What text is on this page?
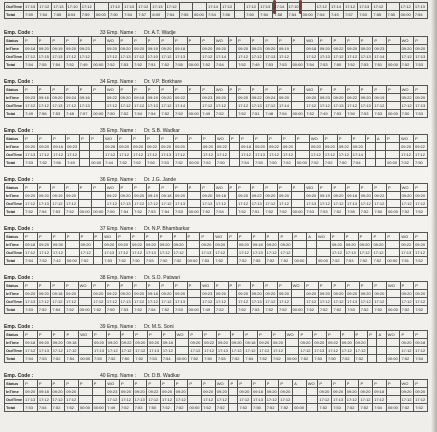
OutTime	17:15	17:12	17:13	17:10	17:12		17:12	17:13	17:12	17:13	17:12			17:14	17:12		17:12	17:13	17:14	17:10		17:12	17:14	17:12	17:13	17:12		17:12	17:13
Total	7:59	7:54	7:55	8:04	7:59	00:00	7:50	7:54	7:57	8:00	7:54	7:55	00:00	7:54	7:56		7:50	7:54	7:58	7:54	00:00	7:54	7:49	7:57	7:53	7:55	7:50	00:00	7:54
Emp. Code :	33 Emp. Name : Dr. A.T. Wadje
Status	P	P	P	P	P	P	WO	P	P	P	P	P	P	P	WO	P	P	P	P	P	P	WO	P	P	P	P	P	P	WO	P
InTime	09:18	09:20	09:19	09:20	09:23		09:20	09:20	09:20	09:19	09:20	09:18		09:20	09:20		09:20	09:23	09:20	09:19		09:18	09:20	09:22	09:20	09:20	09:23		09:20	09:20
OutTime	17:12	17:15	17:13	17:12	17:12		17:12	17:13	17:12	17:10	17:12	17:13		17:12	17:14		17:12	17:12	17:13	17:12		17:12	17:13	17:12	17:12	17:13	17:14		17:12	17:13
Total	7:54	7:55	7:54	7:52	7:49	00:00	7:52	7:53	7:52	7:51	7:52	7:55	00:00	7:52	7:54		7:52	7:49	7:53	7:53	00:00	7:54	7:53	7:50	7:52	7:53	7:51	00:00	7:52	7:53
Emp. Code :	34 Emp. Name : Dr. V.P. Borkhare
Status	P	P	P	P	P	P	WO	P	P	P	P	P	P	P	WO	P	P	P	P	P	P	WO	P	P	P	P	P	P	WO	P
InTime	09:23	09:16	09:20	09:24	09:16		09:22	09:20	09:18	09:19	09:20	09:22		09:23	09:20		09:20	09:22	09:24	09:20		09:20	09:23	09:20	09:22	09:20	09:19		09:22	09:20
OutTime	17:12	17:12	17:13	17:12	17:13		17:12	17:12	17:12	17:13	17:12	17:14		17:12	17:12		17:12	17:13	17:12	17:14		17:12	17:12	17:13	17:12	17:13	17:12		17:12	17:13
Total	7:49	7:56	7:53	7:48	7:57	00:00	7:50	7:52	7:54	7:54	7:52	7:52	00:00	7:49	7:52		7:52	7:51	7:48	7:54	00:00	7:52	7:49	7:53	7:50	7:53	7:53	00:00	7:50	7:53
Emp. Code :	35 Emp. Name : Dr. S.B. Wadkar
Status	P	P	P	P	P	P	WO	P	P	P	P	P	P	P	WO	P	P	P	P	P	P	WO	P	P	P	P	A	P	WO	P
InTime	09:20	09:20	09:16	09:23			09:28	09:20	09:20	09:22	09:20	09:20		09:20	09:22		09:18	09:20	09:22	09:20		09:20	09:20	09:22	09:20				09:20	09:22
OutTime	17:13	17:12	17:12	17:12			17:12	17:12	17:12	17:12	17:13	17:12		17:12	17:12		17:12	17:13	17:12	17:12		17:12	17:12	17:12	17:14				17:12	17:12
Total	7:53	7:52	7:56	7:49		00:00	7:44	7:52	7:52	7:50	7:53	7:52	00:00	7:52	7:50		7:54	7:53	7:50	7:52	00:00	7:52	7:52	7:50	7:54			00:00	7:52	7:50
Emp. Code :	36 Emp. Name : Dr. J.G. Jande
Status	P	P	P	P	P	P	WO	P	P	P	P	P	P	P	WO	P	P	P	P	P	P	WO	P	P	P	P	P	P	WO	P
InTime	09:20	09:20	09:19	09:20			09:22	09:20	09:20	09:19	09:18	09:20		09:20	09:18		09:20	09:22	09:20	09:20		09:20	09:19	09:20	09:18	09:20	09:22		09:20	09:20
OutTime	17:12	17:13	17:12	17:12			17:12	17:13	17:12	17:12	17:12	17:13		17:12	17:12		17:12	17:13	17:12	17:12		17:13	17:12	17:12	17:13	17:12	17:12		17:12	17:12
Total	7:52	7:54	7:53	7:52	00:00	00:00	7:50	7:54	7:52	7:53	7:54	7:53	00:00	7:52	7:54		7:52	7:51	7:52	7:52	00:00	7:53	7:53	7:52	7:55	7:52	7:50	00:00	7:52	7:52
Emp. Code :	37 Emp. Name : Dr. N.P. Bhambarkar
Status	P	P	P	P	P	P	WO	P	P	P	P	P	P	P	WO	P	P	P	P	P	P	A	WO	P	P	P	P	P	WO	P
InTime	09:18	09:20	09:30		09:20		09:20	09:20	09:22	09:20	09:20	09:20		09:20	09:20		09:20	09:18	09:20	09:20				09:20	09:20	09:20	09:20		09:22	09:20
OutTime	17:12	17:12	17:12		17:12		17:13	17:12	17:12	17:13	17:12	17:12		17:13	17:12		17:12	17:13	17:12	17:12				17:12	17:13	17:12	17:12		17:13	17:12
Total	7:54	7:52	7:42	00:00	7:52		7:53	7:52	7:50	7:53	7:52	7:52	00:00	7:53	7:52		7:52	7:55	7:52	7:52	00:00		00:00	7:52	7:53	7:52	7:52	00:00	7:51	7:52
Emp. Code :	38 Emp. Name : Dr. S.O. Patwari
Status	P	P	P	P	WO	P	P	P	P	P	P	P	P	WO	P	P	P	P	P	P	WO	P	P	P	P	P	P	WO	P	P
InTime	09:20	09:20	09:18	09:20		09:20	09:22	09:20	09:20	09:18	09:20	09:20		09:23	09:20		09:20	09:20	09:20	09:20		09:20	09:20	09:20	09:20	09:20	09:20		09:20	09:20
OutTime	17:13	17:12	17:12	17:12		17:12	17:12	17:13	17:12	17:12	17:12	17:13		17:12	17:12		17:12	17:13	17:12	17:12		17:12	17:12	17:12	17:13	17:12	17:12		17:12	17:12
Total	7:53	7:52	7:54	7:52	00:00	7:52	7:50	7:53	7:52	7:54	7:52	7:53	00:00	7:49	7:52		7:52	7:53	7:52	7:52	00:00	7:52	7:52	7:52	7:53	7:52	7:52	00:00	7:52	7:52
Emp. Code :	39 Emp. Name : Dr. M.S. Soni
Status	P	P	P	P	WO	P	P	P	P	P	P	WO	P	P	P	P	P	P	P	WO	P	P	P	P	P	P	A	WO	P	P
InTime	09:18	09:20	09:20	09:18		09:20	09:20	09:22	09:20	09:20	09:18		09:20	09:22	09:20	09:20	09:18	09:20	09:20		09:20	09:20	09:22	09:20	09:20				09:20	09:18
OutTime	17:12	17:13	17:12	17:12		17:13	17:12	17:12	17:12	17:13	17:12		17:12	17:12	17:13	17:12	17:12	17:12	17:12		17:12	17:13	17:12	17:12	17:12				17:12	17:12
Total	7:54	7:53	7:52	7:54	00:00	7:53	7:52	7:50	7:52	7:53	7:54	00:00	7:52	7:50	7:53	7:52	7:54	7:52	7:52	00:00	7:52	7:53	7:50	7:52	7:52			00:00	7:52	7:54
Emp. Code :	40 Emp. Name : Dr. D.B. Wadkar
Status	P	P	P	P	P	P	WO	P	P	P	P	P	P	P	WO	P	P	P	P	P	A	WO	P	P	P	P	P	P	WO	P
InTime	09:20	09:18	09:20	09:20			09:23	09:20	09:20	09:22	09:20	09:20		09:20	09:20		09:20	09:18	09:20	09:20			09:20	09:20	09:20	09:20	09:18		09:20	09:20
OutTime	17:13	17:12	17:12	17:12			17:12	17:12	17:13	17:12	17:12	17:12		17:12	17:12		17:12	17:13	17:12	17:12			17:12	17:13	17:12	17:12	17:12		17:12	17:12
Total	7:53	7:54	7:52	7:52	00:00	00:00	7:49	7:52	7:53	7:50	7:52	7:52	00:00	7:52	7:52		7:52	7:55	7:52	7:52	00:00		7:52	7:53	7:52	7:52	7:54	00:00	7:52	7:52
